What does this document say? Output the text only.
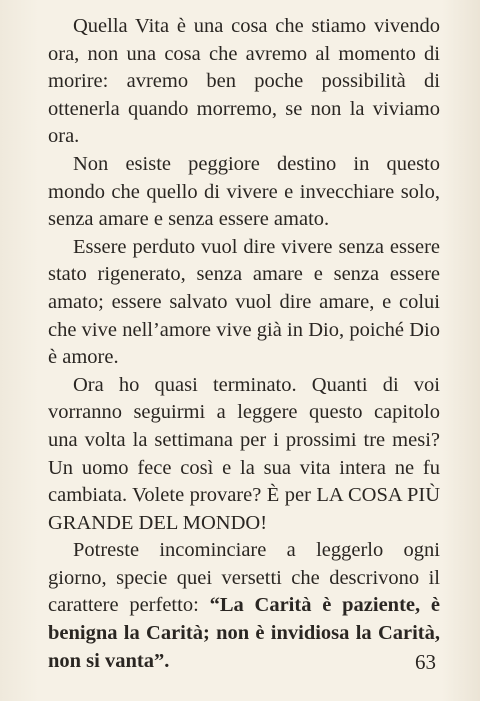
Quella Vita è una cosa che stiamo vivendo ora, non una cosa che avremo al momento di morire: avremo ben poche possibilità di ottenerla quando morremo, se non la viviamo ora.

Non esiste peggiore destino in questo mondo che quello di vivere e invecchiare solo, senza amare e senza essere amato.

Essere perduto vuol dire vivere senza essere stato rigenerato, senza amare e senza essere amato; essere salvato vuol dire amare, e colui che vive nell’amore vive già in Dio, poiché Dio è amore.

Ora ho quasi terminato. Quanti di voi vorranno seguirmi a leggere questo capitolo una volta la settimana per i prossimi tre mesi? Un uomo fece così e la sua vita intera ne fu cambiata. Volete provare? È per LA COSA PIÙ GRANDE DEL MONDO!

Potreste incominciare a leggerlo ogni giorno, specie quei versetti che descrivono il carattere perfetto: “La Carità è paziente, è benigna la Carità; non è invidiosa la Carità, non si vanta”.	63
